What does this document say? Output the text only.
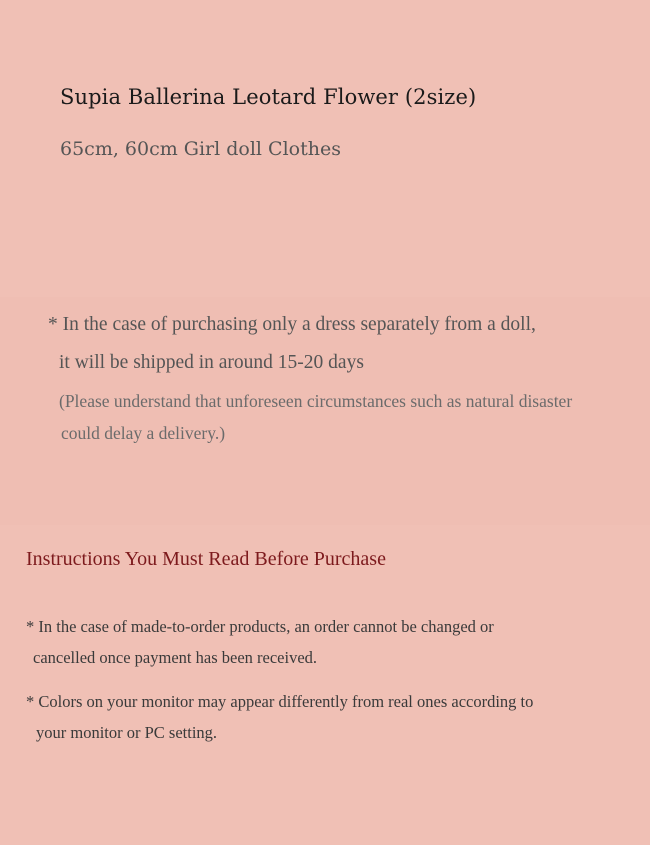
Supia Ballerina Leotard Flower (2size)
65cm, 60cm Girl doll Clothes
* In the case of purchasing only a dress separately from a doll,
it will be shipped in around 15-20 days
(Please understand that unforeseen circumstances such as natural disaster
could delay a delivery.)
Instructions You Must Read Before Purchase
* In the case of made-to-order products, an order cannot be changed or
cancelled once payment has been received.
* Colors on your monitor may appear differently from real ones according to
your monitor or PC setting.
